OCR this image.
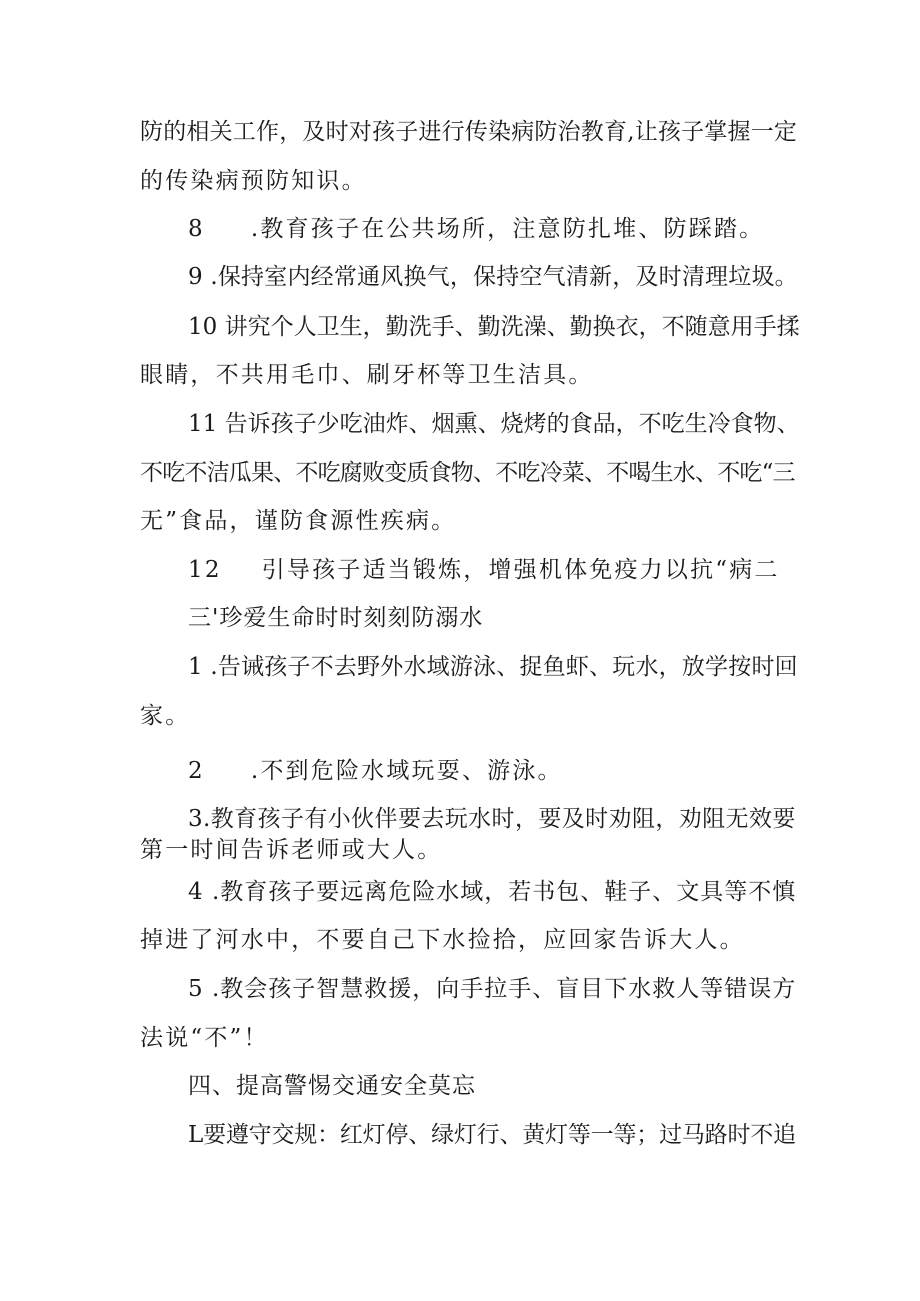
防的相关工作，及时对孩子进行传染病防治教育,让孩子掌握一定
的传染病预防知识。
8 .教育孩子在公共场所，注意防扎堆、防踩踏。
9 .保持室内经常通风换气，保持空气清新，及时清理垃圾。
10 讲究个人卫生，勤洗手、勤洗澡、勤换衣，不随意用手揉
眼睛，不共用毛巾、刷牙杯等卫生洁具。
11 告诉孩子少吃油炸、烟熏、烧烤的食品，不吃生冷食物、
不吃不洁瓜果、不吃腐败变质食物、不吃冷菜、不喝生水、不吃“三
无”食品，谨防食源性疾病。
12 引导孩子适当锻炼，增强机体免疫力以抗“病二
三'珍爱生命时时刻刻防溺水
1 .告诫孩子不去野外水域游泳、捉鱼虾、玩水，放学按时回
家。
2 .不到危险水域玩耍、游泳。
3.教育孩子有小伙伴要去玩水时，要及时劝阻，劝阻无效要
第一时间告诉老师或大人。
4 .教育孩子要远离危险水域，若书包、鞋子、文具等不慎
掉进了河水中，不要自己下水捡拾，应回家告诉大人。
5 .教会孩子智慧救援，向手拉手、盲目下水救人等错误方
法说“不”！
四、提高警惕交通安全莫忘
L要遵守交规：红灯停、绿灯行、黄灯等一等；过马路时不追
